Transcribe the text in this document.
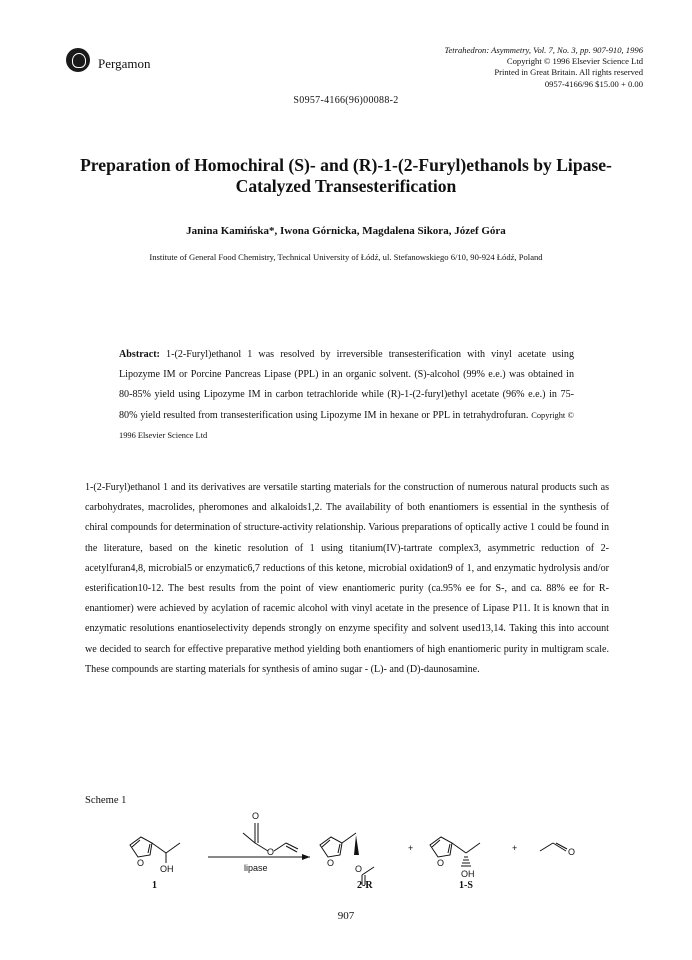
Pergamon
Tetrahedron: Asymmetry, Vol. 7, No. 3, pp. 907-910, 1996
Copyright © 1996 Elsevier Science Ltd
Printed in Great Britain. All rights reserved
0957-4166/96 $15.00 + 0.00
S0957-4166(96)00088-2
Preparation of Homochiral (S)- and (R)-1-(2-Furyl)ethanols by Lipase-Catalyzed Transesterification
Janina Kamińska*, Iwona Górnicka, Magdalena Sikora, Józef Góra
Institute of General Food Chemistry, Technical University of Łódź, ul. Stefanowskiego 6/10, 90-924 Łódź, Poland
Abstract: 1-(2-Furyl)ethanol 1 was resolved by irreversible transesterification with vinyl acetate using Lipozyme IM or Porcine Pancreas Lipase (PPL) in an organic solvent. (S)-alcohol (99% e.e.) was obtained in 80-85% yield using Lipozyme IM in carbon tetrachloride while (R)-1-(2-furyl)ethyl acetate (96% e.e.) in 75-80% yield resulted from transesterification using Lipozyme IM in hexane or PPL in tetrahydrofuran. Copyright © 1996 Elsevier Science Ltd
1-(2-Furyl)ethanol 1 and its derivatives are versatile starting materials for the construction of numerous natural products such as carbohydrates, macrolides, pheromones and alkaloids1,2. The availability of both enantiomers is essential in the synthesis of chiral compounds for determination of structure-activity relationship. Various preparations of optically active 1 could be found in the literature, based on the kinetic resolution of 1 using titanium(IV)-tartrate complex3, asymmetric reduction of 2-acetylfuran4,8, microbial5 or enzymatic6,7 reductions of this ketone, microbial oxidation9 of 1, and enzymatic hydrolysis and/or esterification10-12. The best results from the point of view enantiomeric purity (ca.95% ee for S-, and ca. 88% ee for R-enantiomer) were achieved by acylation of racemic alcohol with vinyl acetate in the presence of Lipase P11. It is known that in enzymatic resolutions enantioselectivity depends strongly on enzyme specifity and solvent used13,14. Taking this into account we decided to search for effective preparative method yielding both enantiomers of high enantiomeric purity in multigram scale. These compounds are starting materials for synthesis of amino sugar - (L)- and (D)-daunosamine.
Scheme 1
O
OH
O
O
lipase	O
O
+
O
OH
+	O
1	2-R	1-S
907
